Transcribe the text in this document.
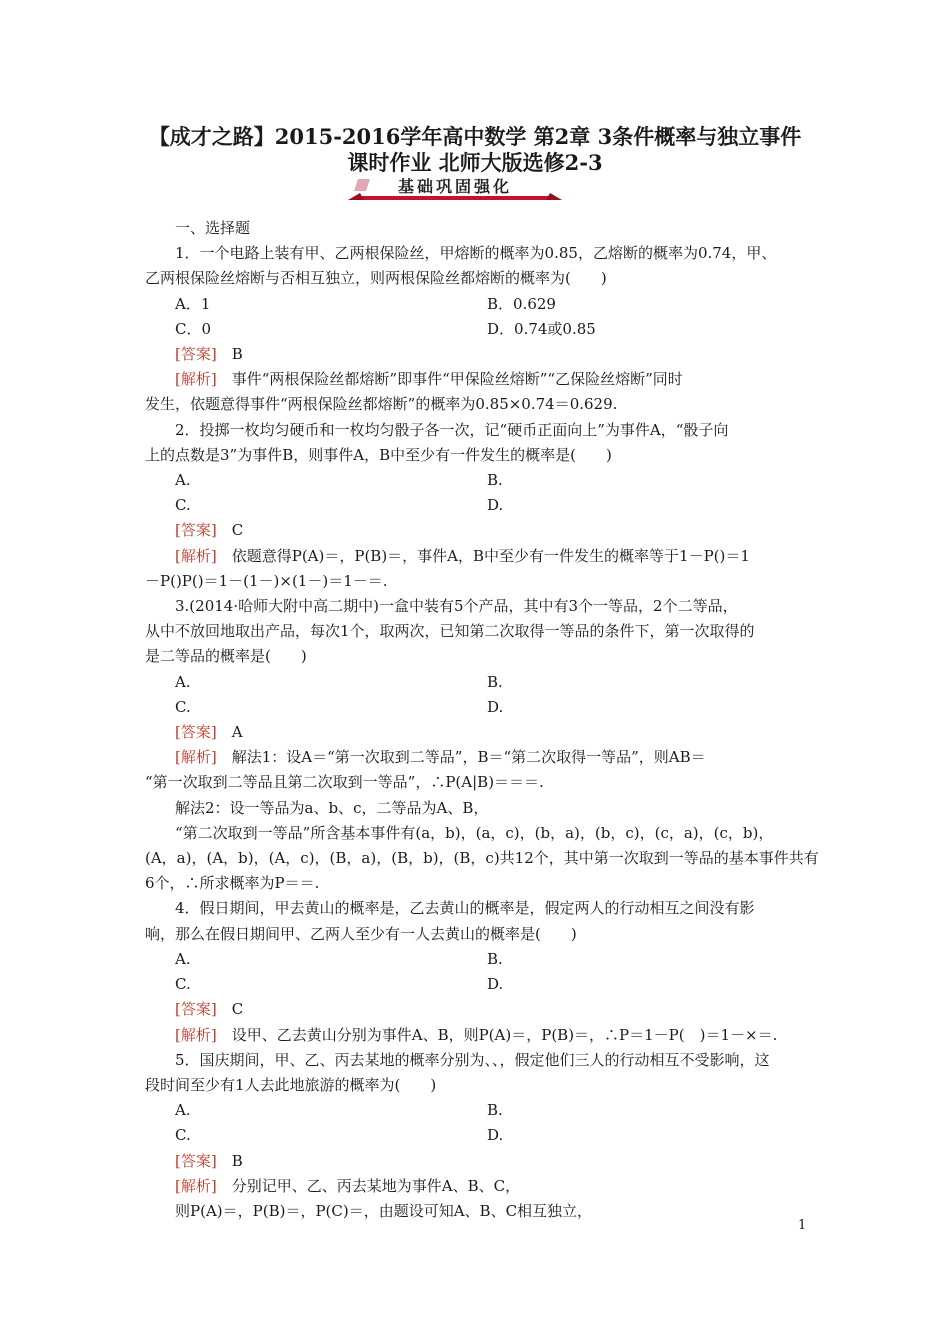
【成才之路】2015-2016学年高中数学 第2章 3条件概率与独立事件
课时作业 北师大版选修2-3
基础巩固强化
一、选择题
1．一个电路上装有甲、乙两根保险丝，甲熔断的概率为0.85，乙熔断的概率为0.74，甲、
乙两根保险丝熔断与否相互独立，则两根保险丝都熔断的概率为(　　)
A．1	B．0.629
C．0	D．0.74或0.85
[答案]　 B
[解析]　 事件“两根保险丝都熔断”即事件“甲保险丝熔断”“乙保险丝熔断”同时
发生，依题意得事件“两根保险丝都熔断”的概率为0.85×0.74＝0.629.
2．投掷一枚均匀硬币和一枚均匀骰子各一次，记“硬币正面向上”为事件A，“骰子向
上的点数是3”为事件B，则事件A，B中至少有一件发生的概率是(　　)
A.	B.
C.	D.
[答案]　 C
[解析]　 依题意得P(A)＝，P(B)＝，事件A，B中至少有一件发生的概率等于1－P()＝1
－P()P()＝1－(1－)×(1－)＝1－＝.
3.(2014·哈师大附中高二期中)一盒中装有5个产品，其中有3个一等品，2个二等品，
从中不放回地取出产品，每次1个，取两次，已知第二次取得一等品的条件下，第一次取得的
是二等品的概率是(　　)
A.	B.
C.	D.
[答案]　 A
[解析]　 解法1：设A＝“第一次取到二等品”，B＝“第二次取得一等品”，则AB＝
“第一次取到二等品且第二次取到一等品”，∴P(A|B)＝＝＝.
解法2：设一等品为a、b、c，二等品为A、B，
“第二次取到一等品”所含基本事件有(a，b)，(a，c)，(b，a)，(b，c)，(c，a)，(c，b)，
(A，a)，(A，b)，(A，c)，(B，a)，(B，b)，(B，c)共12个，其中第一次取到一等品的基本事件共有
6个，∴所求概率为P＝＝.
4．假日期间，甲去黄山的概率是，乙去黄山的概率是，假定两人的行动相互之间没有影
响，那么在假日期间甲、乙两人至少有一人去黄山的概率是(　　)
A.	B.
C.	D.
[答案]　 C
[解析]　 设甲、乙去黄山分别为事件A、B，则P(A)＝，P(B)＝，∴P＝1－P(　)＝1－×＝.
5．国庆期间，甲、乙、丙去某地的概率分别为、、，假定他们三人的行动相互不受影响，这
段时间至少有1人去此地旅游的概率为(　　)
A.	B.
C.	D.
[答案]　 B
[解析]　 分别记甲、乙、丙去某地为事件A、B、C，
则P(A)＝，P(B)＝，P(C)＝，由题设可知A、B、C相互独立，
1
